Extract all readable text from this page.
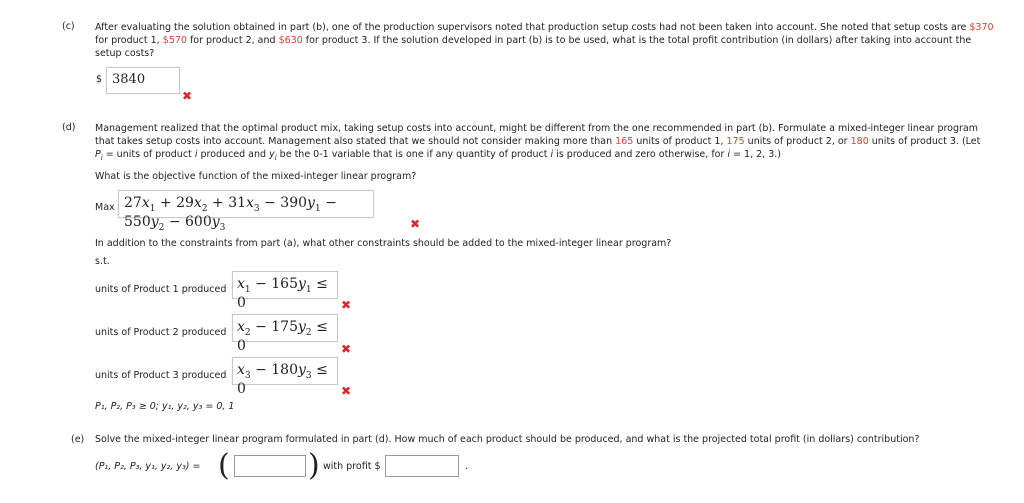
(c) After evaluating the solution obtained in part (b), one of the production supervisors noted that production setup costs had not been taken into account. She noted that setup costs are $370
for product 1, $570 for product 2, and $630 for product 3. If the solution developed in part (b) is to be used, what is the total profit contribution (in dollars) after taking into account the
setup costs?
$ 3840
✖
(d) Management realized that the optimal product mix, taking setup costs into account, might be different from the one recommended in part (b). Formulate a mixed-integer linear program
that takes setup costs into account. Management also stated that we should not consider making more than 165 units of product 1, 175 units of product 2, or 180 units of product 3. (Let
$P_i$ = units of product i produced and $y_i$ be the 0-1 variable that is one if any quantity of product i is produced and zero otherwise, for i = 1, 2, 3.)
What is the objective function of the mixed-integer linear program?
Max $27x_1 + 29x_2 + 31x_3 - 390y_1 - 550y_2 - 600y_3$	✖
In addition to the constraints from part (a), what other constraints should be added to the mixed-integer linear program?
s.t.
units of Product 1 produced $x_1 - 165y_1 \le 0$	✖
units of Product 2 produced $x_2 - 175y_2 \le 0$	✖
units of Product 3 produced $x_3 - 180y_3 \le 0$	✖
P₁, P₂, P₃ ≥ 0; y₁, y₂, y₃ = 0, 1
(e) Solve the mixed-integer linear program formulated in part (d). How much of each product should be produced, and what is the projected total profit (in dollars) contribution?
(P₁, P₂, P₃, y₁, y₂, y₃) = (	) with profit $	.
